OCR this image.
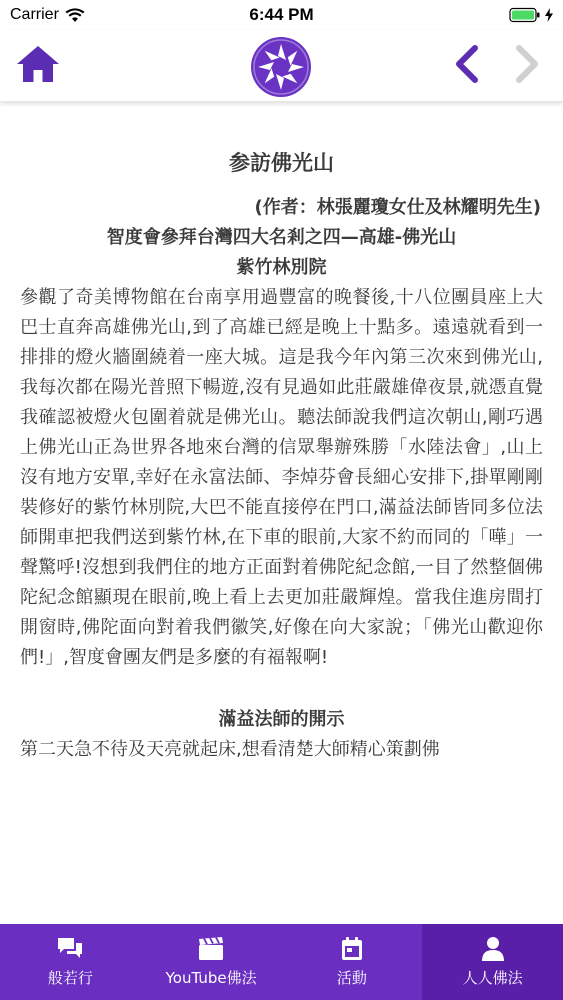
Carrier	6:44 PM
参訪佛光山
(作者：林張麗瓊女仕及林耀明先生)
智度會參拜台灣四大名剎之四—高雄-佛光山
紫竹林別院
參觀了奇美博物館在台南享用過豐富的晚餐後,十八位團員座上大巴士直奔高雄佛光山,到了高雄已經是晚上十點多。遠遠就看到一排排的燈火牆圍繞着一座大城。這是我今年內第三次來到佛光山,我每次都在陽光普照下暢遊,沒有見過如此莊嚴雄偉夜景,就憑直覺我確認被燈火包圍着就是佛光山。聽法師說我們這次朝山,剛巧遇上佛光山正為世界各地來台灣的信眾舉辦殊勝「水陸法會」,山上沒有地方安單,幸好在永富法師、李焯芬會長細心安排下,掛單剛剛裝修好的紫竹林別院,大巴不能直接停在門口,滿益法師皆同多位法師開車把我們送到紫竹林,在下車的眼前,大家不約而同的「嘩」一聲驚呼!沒想到我們住的地方正面對着佛陀紀念館,一目了然整個佛陀紀念館顯現在眼前,晚上看上去更加莊嚴輝煌。當我住進房間打開窗時,佛陀面向對着我們徽笑,好像在向大家說；「佛光山歡迎你們!」,智度會團友們是多麼的有福報啊!
滿益法師的開示
第二天急不待及天亮就起床,想看清楚大師精心策劃佛
般若行	YouTube佛法	活動	人人佛法
